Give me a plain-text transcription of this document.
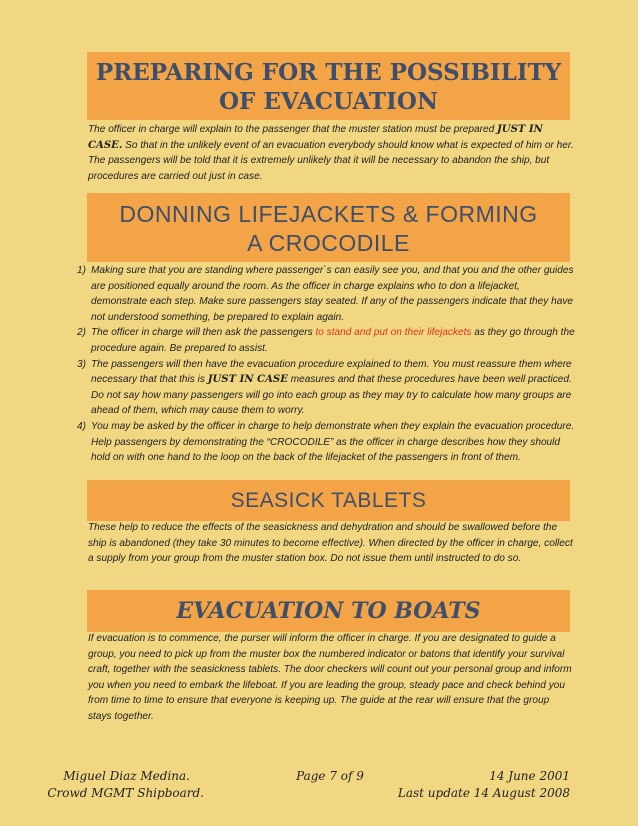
PREPARING FOR THE POSSIBILITY
OF EVACUATION

The officer in charge will explain to the passenger that the muster station must be prepared JUST IN CASE. So that in the unlikely event of an evacuation everybody should know what is expected of him or her. The passengers will be told that it is extremely unlikely that it will be necessary to abandon the ship, but procedures are carried out just in case.

DONNING LIFEJACKETS & FORMING
A CROCODILE
1) Making sure that you are standing where passenger`s can easily see you, and that you and the other guides are positioned equally around the room. As the officer in charge explains who to don a lifejacket, demonstrate each step. Make sure passengers stay seated. If any of the passengers indicate that they have not understood something, be prepared to explain again.
2) The officer in charge will then ask the passengers to stand and put on their lifejackets as they go through the procedure again. Be prepared to assist.
3) The passengers will then have the evacuation procedure explained to them. You must reassure them where necessary that that this is JUST IN CASE measures and that these procedures have been well practiced. Do not say how many passengers will go into each group as they may try to calculate how many groups are ahead of them, which may cause them to worry.
4) You may be asked by the officer in charge to help demonstrate when they explain the evacuation procedure. Help passengers by demonstrating the “CROCODILE” as the officer in charge describes how they should hold on with one hand to the loop on the back of the lifejacket of the passengers in front of them.
SEASICK TABLETS

These help to reduce the effects of the seasickness and dehydration and should be swallowed before the ship is abandoned (they take 30 minutes to become effective). When directed by the officer in charge, collect a supply from your group from the muster station box. Do not issue them until instructed to do so.

EVACUATION TO BOATS

If evacuation is to commence, the purser will inform the officer in charge. If you are designated to guide a group, you need to pick up from the muster box the numbered indicator or batons that identify your survival craft, together with the seasickness tablets. The door checkers will count out your personal group and inform you when you need to embark the lifeboat. If you are leading the group, steady pace and check behind you from time to time to ensure that everyone is keeping up. The guide at the rear will ensure that the group stays together.

Miguel Diaz Medina.
Crowd MGMT Shipboard.
Page 7 of 9	14 June 2001
Last update 14 August 2008
